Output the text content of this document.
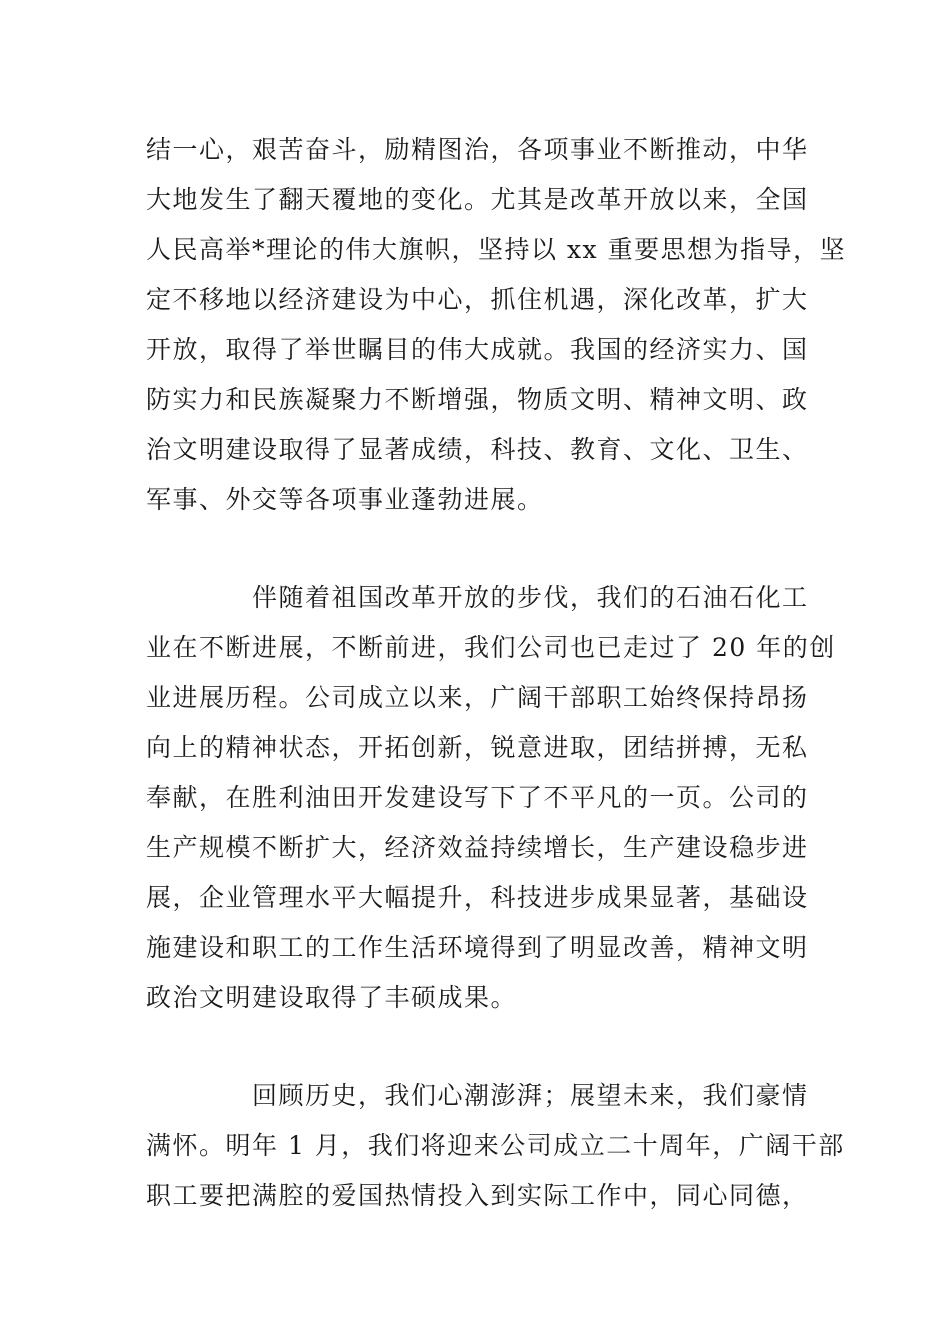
结一心，艰苦奋斗，励精图治，各项事业不断推动，中华
大地发生了翻天覆地的变化。尤其是改革开放以来，全国
人民高举*理论的伟大旗帜，坚持以 xx 重要思想为指导，坚
定不移地以经济建设为中心，抓住机遇，深化改革，扩大
开放，取得了举世瞩目的伟大成就。我国的经济实力、国
防实力和民族凝聚力不断增强，物质文明、精神文明、政
治文明建设取得了显著成绩，科技、教育、文化、卫生、
军事、外交等各项事业蓬勃进展。
伴随着祖国改革开放的步伐，我们的石油石化工
业在不断进展，不断前进，我们公司也已走过了 20 年的创
业进展历程。公司成立以来，广阔干部职工始终保持昂扬
向上的精神状态，开拓创新，锐意进取，团结拼搏，无私
奉献，在胜利油田开发建设写下了不平凡的一页。公司的
生产规模不断扩大，经济效益持续增长，生产建设稳步进
展，企业管理水平大幅提升，科技进步成果显著，基础设
施建设和职工的工作生活环境得到了明显改善，精神文明
政治文明建设取得了丰硕成果。
回顾历史，我们心潮澎湃；展望未来，我们豪情
满怀。明年 1 月，我们将迎来公司成立二十周年，广阔干部
职工要把满腔的爱国热情投入到实际工作中，同心同德，
